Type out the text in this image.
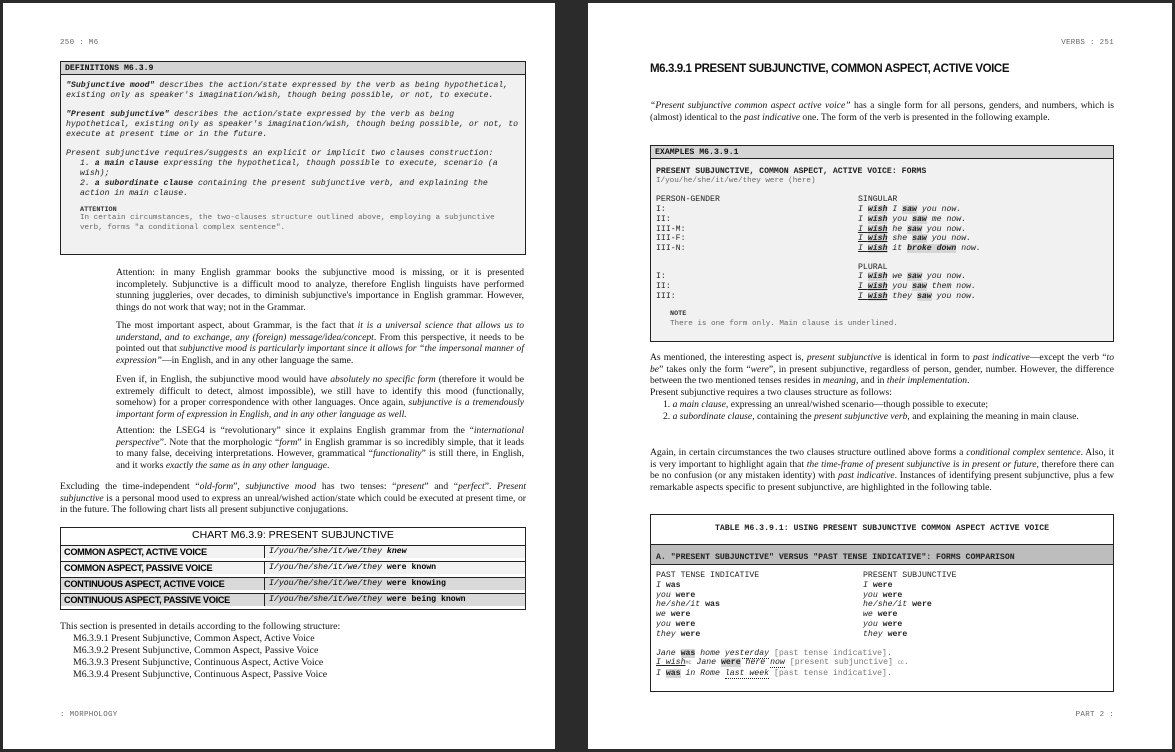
250 : M6
DEFINITIONS M6.3.9
"Subjunctive mood" describes the action/state expressed by the verb as being hypothetical, existing only as speaker's imagination/wish, though being possible, or not, to execute.
"Present subjunctive" describes the action/state expressed by the verb as being hypothetical, existing only as speaker's imagination/wish, though being possible, or not, to execute at present time or in the future.
Present subjunctive requires/suggests an explicit or implicit two clauses construction:
1. a main clause expressing the hypothetical, though possible to execute, scenario (a wish);
2. a subordinate clause containing the present subjunctive verb, and explaining the action in main clause.
ATTENTION
In certain circumstances, the two-clauses structure outlined above, employing a subjunctive verb, forms "a conditional complex sentence".
Attention: in many English grammar books the subjunctive mood is missing, or it is presented incompletely. Subjunctive is a difficult mood to analyze, therefore English linguists have performed stunning juggleries, over decades, to diminish subjunctive's importance in English grammar. However, things do not work that way; not in the Grammar.
The most important aspect, about Grammar, is the fact that it is a universal science that allows us to understand, and to exchange, any (foreign) message/idea/concept. From this perspective, it needs to be pointed out that subjunctive mood is particularly important since it allows for “the impersonal manner of expression”—in English, and in any other language the same.
Even if, in English, the subjunctive mood would have absolutely no specific form (therefore it would be extremely difficult to detect, almost impossible), we still have to identify this mood (functionally, somehow) for a proper correspondence with other languages. Once again, subjunctive is a tremendously important form of expression in English, and in any other language as well.
Attention: the LSEG4 is “revolutionary” since it explains English grammar from the “international perspective”. Note that the morphologic “form” in English grammar is so incredibly simple, that it leads to many false, deceiving interpretations. However, grammatical “functionality” is still there, in English, and it works exactly the same as in any other language.
Excluding the time-independent “old-form”, subjunctive mood has two tenses: “present” and “perfect”. Present subjunctive is a personal mood used to express an unreal/wished action/state which could be executed at present time, or in the future. The following chart lists all present subjunctive conjugations.
CHART M6.3.9: PRESENT SUBJUNCTIVE
COMMON ASPECT, ACTIVE VOICE	I/you/he/she/it/we/they knew
COMMON ASPECT, PASSIVE VOICE	I/you/he/she/it/we/they were known
CONTINUOUS ASPECT, ACTIVE VOICE	I/you/he/she/it/we/they were knowing
CONTINUOUS ASPECT, PASSIVE VOICE	I/you/he/she/it/we/they were being known
This section is presented in details according to the following structure:
M6.3.9.1 Present Subjunctive, Common Aspect, Active Voice
M6.3.9.2 Present Subjunctive, Common Aspect, Passive Voice
M6.3.9.3 Present Subjunctive, Continuous Aspect, Active Voice
M6.3.9.4 Present Subjunctive, Continuous Aspect, Passive Voice
: MORPHOLOGY
VERBS : 251
M6.3.9.1 PRESENT SUBJUNCTIVE, COMMON ASPECT, ACTIVE VOICE
“Present subjunctive common aspect active voice” has a single form for all persons, genders, and numbers, which is (almost) identical to the past indicative one. The form of the verb is presented in the following example.
EXAMPLES M6.3.9.1
PRESENT SUBJUNCTIVE, COMMON ASPECT, ACTIVE VOICE: FORMS
I/you/he/she/it/we/they were (here)
PERSON-GENDER	SINGULAR
I:	I wish I saw you now.
II:	I wish you saw me now.
III-M:	I wish he saw you now.
III-F:	I wish she saw you now.
III-N:	I wish it broke down now.
PLURAL
I:	I wish we saw you now.
II:	I wish you saw them now.
III:	I wish they saw you now.
NOTE
There is one form only. Main clause is underlined.
As mentioned, the interesting aspect is, present subjunctive is identical in form to past indicative—except the verb “to be” takes only the form “were”, in present subjunctive, regardless of person, gender, number. However, the difference between the two mentioned tenses resides in meaning, and in their implementation.
Present subjunctive requires a two clauses structure as follows:
1. a main clause, expressing an unreal/wished scenario—though possible to execute;
2. a subordinate clause, containing the present subjunctive verb, and explaining the meaning in main clause.
Again, in certain circumstances the two clauses structure outlined above forms a conditional complex sentence. Also, it is very important to highlight again that the time-frame of present subjunctive is in present or future, therefore there can be no confusion (or any mistaken identity) with past indicative. Instances of identifying present subjunctive, plus a few remarkable aspects specific to present subjunctive, are highlighted in the following table.
TABLE M6.3.9.1: USING PRESENT SUBJUNCTIVE COMMON ASPECT ACTIVE VOICE
A. "PRESENT SUBJUNCTIVE" VERSUS "PAST TENSE INDICATIVE": FORMS COMPARISON
PAST TENSE INDICATIVE	PRESENT SUBJUNCTIVE
I was	I were
you were	you were
he/she/it was	he/she/it were
we were	we were
you were	you were
they were	they were
Jane was home yesterday [past tense indicative].
I wishMC Jane were here now [present subjunctive] CC.
I was in Rome last week [past tense indicative].
PART 2 :
